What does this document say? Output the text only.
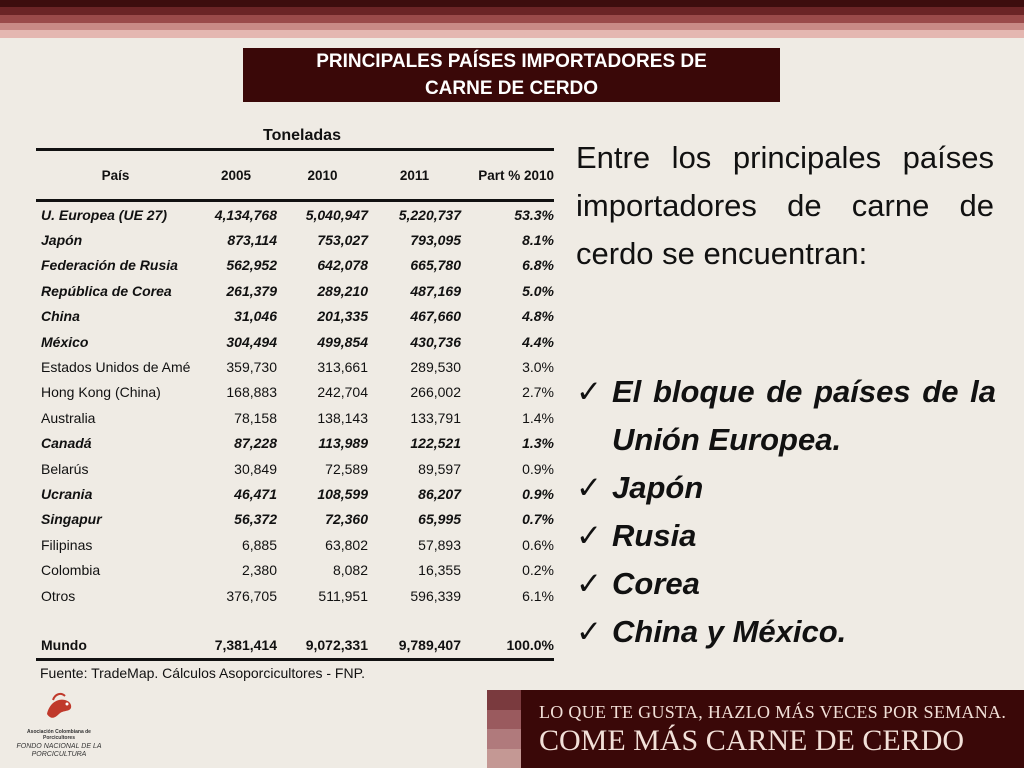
PRINCIPALES PAÍSES IMPORTADORES DE
CARNE DE CERDO
Toneladas
País	2005	2010	2011	Part % 2010
U. Europea (UE 27)	4,134,768	5,040,947	5,220,737	53.3%
Japón	873,114	753,027	793,095	8.1%
Federación de Rusia	562,952	642,078	665,780	6.8%
República de Corea	261,379	289,210	487,169	5.0%
China	31,046	201,335	467,660	4.8%
México	304,494	499,854	430,736	4.4%
Estados Unidos de Amé	359,730	313,661	289,530	3.0%
Hong Kong (China)	168,883	242,704	266,002	2.7%
Australia	78,158	138,143	133,791	1.4%
Canadá	87,228	113,989	122,521	1.3%
Belarús	30,849	72,589	89,597	0.9%
Ucrania	46,471	108,599	86,207	0.9%
Singapur	56,372	72,360	65,995	0.7%
Filipinas	6,885	63,802	57,893	0.6%
Colombia	2,380	8,082	16,355	0.2%
Otros	376,705	511,951	596,339	6.1%
Mundo	7,381,414	9,072,331	9,789,407	100.0%
Fuente: TradeMap. Cálculos Asoporcicultores - FNP.
Entre los principales países importadores de carne de cerdo se encuentran:
✓ El bloque de países de la Unión Europea.
✓ Japón
✓ Rusia
✓ Corea
✓ China y México.
Asociación Colombiana de Porcicultores
FONDO NACIONAL DE LA PORCICULTURA
LO QUE TE GUSTA, HAZLO MÁS VECES POR SEMANA.
COME MÁS CARNE DE CERDO
